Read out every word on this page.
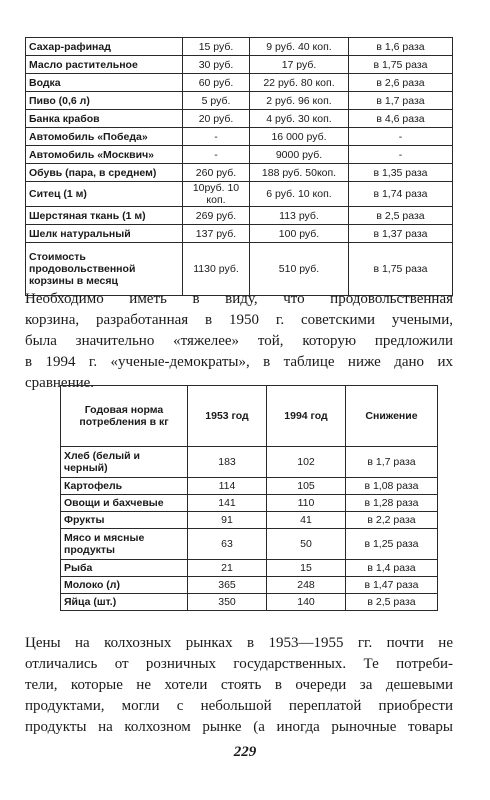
Сахар-рафинад	15 руб.	9 руб. 40 коп.	в 1,6 раза
Масло растительное	30 руб.	17 руб.	в 1,75 раза
Водка	60 руб.	22 руб. 80 коп.	в 2,6 раза
Пиво (0,6 л)	5 руб.	2 руб. 96 коп.	в 1,7 раза
Банка крабов	20 руб.	4 руб. 30 коп.	в 4,6 раза
Автомобиль «Победа»	-	16 000 руб.	-
Автомобиль «Москвич»	-	9000 руб.	-
Обувь (пара, в среднем)	260 руб.	188 руб. 50коп.	в 1,35 раза
Ситец (1 м)	10руб. 10 коп.	6 руб. 10 коп.	в 1,74 раза
Шерстяная ткань (1 м)	269 руб.	113 руб.	в 2,5 раза
Шелк натуральный	137 руб.	100 руб.	в 1,37 раза
Стоимость продовольственной корзины в месяц	1130 руб.	510 руб.	в 1,75 раза

Необходимо иметь в виду, что продовольственная
корзина, разработанная в 1950 г. советскими учеными,
была значительно «тяжелее» той, которую предложили
в 1994 г. «ученые-демократы», в таблице ниже дано их
сравнение.

Годовая норма потребления в кг	1953 год	1994 год	Снижение
Хлеб (белый и черный)	183	102	в 1,7 раза
Картофель	114	105	в 1,08 раза
Овощи и бахчевые	141	110	в 1,28 раза
Фрукты	91	41	в 2,2 раза
Мясо и мясные продукты	63	50	в 1,25 раза
Рыба	21	15	в 1,4 раза
Молоко (л)	365	248	в 1,47 раза
Яйца (шт.)	350	140	в 2,5 раза

Цены на колхозных рынках в 1953—1955 гг. почти не
отличались от розничных государственных. Те потреби-
тели, которые не хотели стоять в очереди за дешевыми
продуктами, могли с небольшой переплатой приобрести
продукты на колхозном рынке (а иногда рыночные товары

229
